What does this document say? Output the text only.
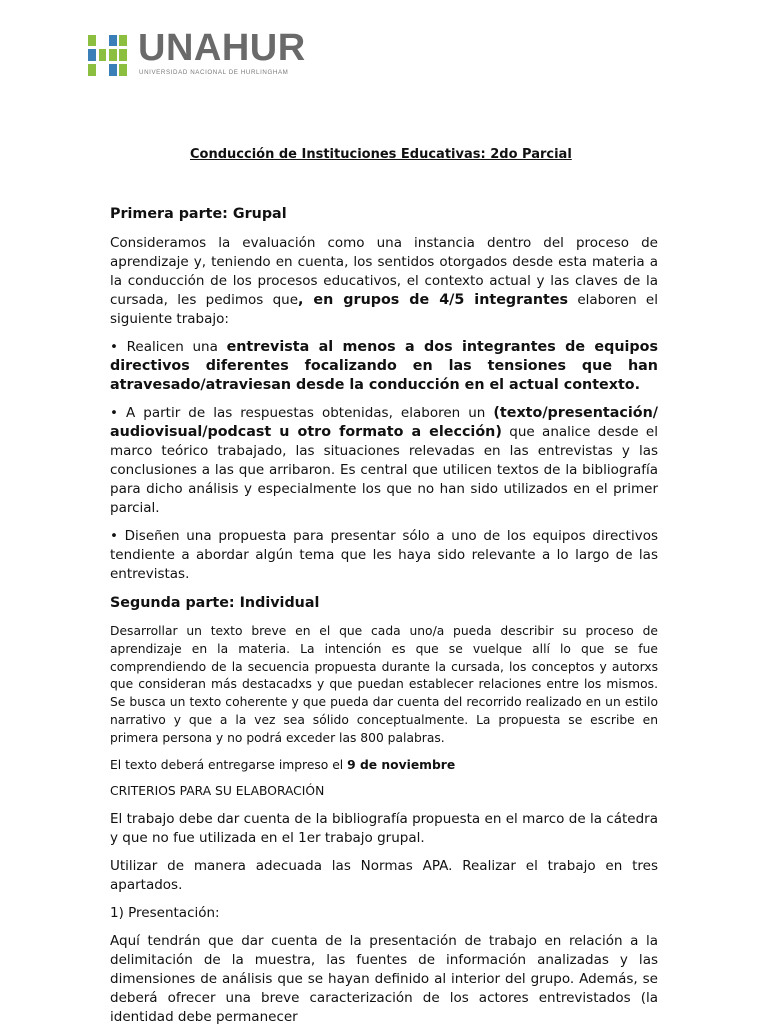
UNAHUR
UNIVERSIDAD NACIONAL DE HURLINGHAM
Conducción de Instituciones Educativas: 2do Parcial
Primera parte: Grupal

Consideramos la evaluación como una instancia dentro del proceso de aprendizaje y, teniendo en cuenta, los sentidos otorgados desde esta materia a la conducción de los procesos educativos, el contexto actual y las claves de la cursada, les pedimos que, en grupos de 4/5 integrantes elaboren el siguiente trabajo:

• Realicen una entrevista al menos a dos integrantes de equipos directivos diferentes focalizando en las tensiones que han atravesado/atraviesan desde la conducción en el actual contexto.

• A partir de las respuestas obtenidas, elaboren un (texto/presentación/ audiovisual/podcast u otro formato a elección) que analice desde el marco teórico trabajado, las situaciones relevadas en las entrevistas y las conclusiones a las que arribaron. Es central que utilicen textos de la bibliografía para dicho análisis y especialmente los que no han sido utilizados en el primer parcial.

• Diseñen una propuesta para presentar sólo a uno de los equipos directivos tendiente a abordar algún tema que les haya sido relevante a lo largo de las entrevistas.

Segunda parte: Individual

Desarrollar un texto breve en el que cada uno/a pueda describir su proceso de aprendizaje en la materia. La intención es que se vuelque allí lo que se fue comprendiendo de la secuencia propuesta durante la cursada, los conceptos y autorxs que consideran más destacadxs y que puedan establecer relaciones entre los mismos. Se busca un texto coherente y que pueda dar cuenta del recorrido realizado en un estilo narrativo y que a la vez sea sólido conceptualmente. La propuesta se escribe en primera persona y no podrá exceder las 800 palabras.

El texto deberá entregarse impreso el 9 de noviembre

CRITERIOS PARA SU ELABORACIÓN

El trabajo debe dar cuenta de la bibliografía propuesta en el marco de la cátedra y que no fue utilizada en el 1er trabajo grupal.

Utilizar de manera adecuada las Normas APA. Realizar el trabajo en tres apartados.

1) Presentación:

Aquí tendrán que dar cuenta de la presentación de trabajo en relación a la delimitación de la muestra, las fuentes de información analizadas y las dimensiones de análisis que se hayan definido al interior del grupo. Además, se deberá ofrecer una breve caracterización de los actores entrevistados (la identidad debe permanecer
